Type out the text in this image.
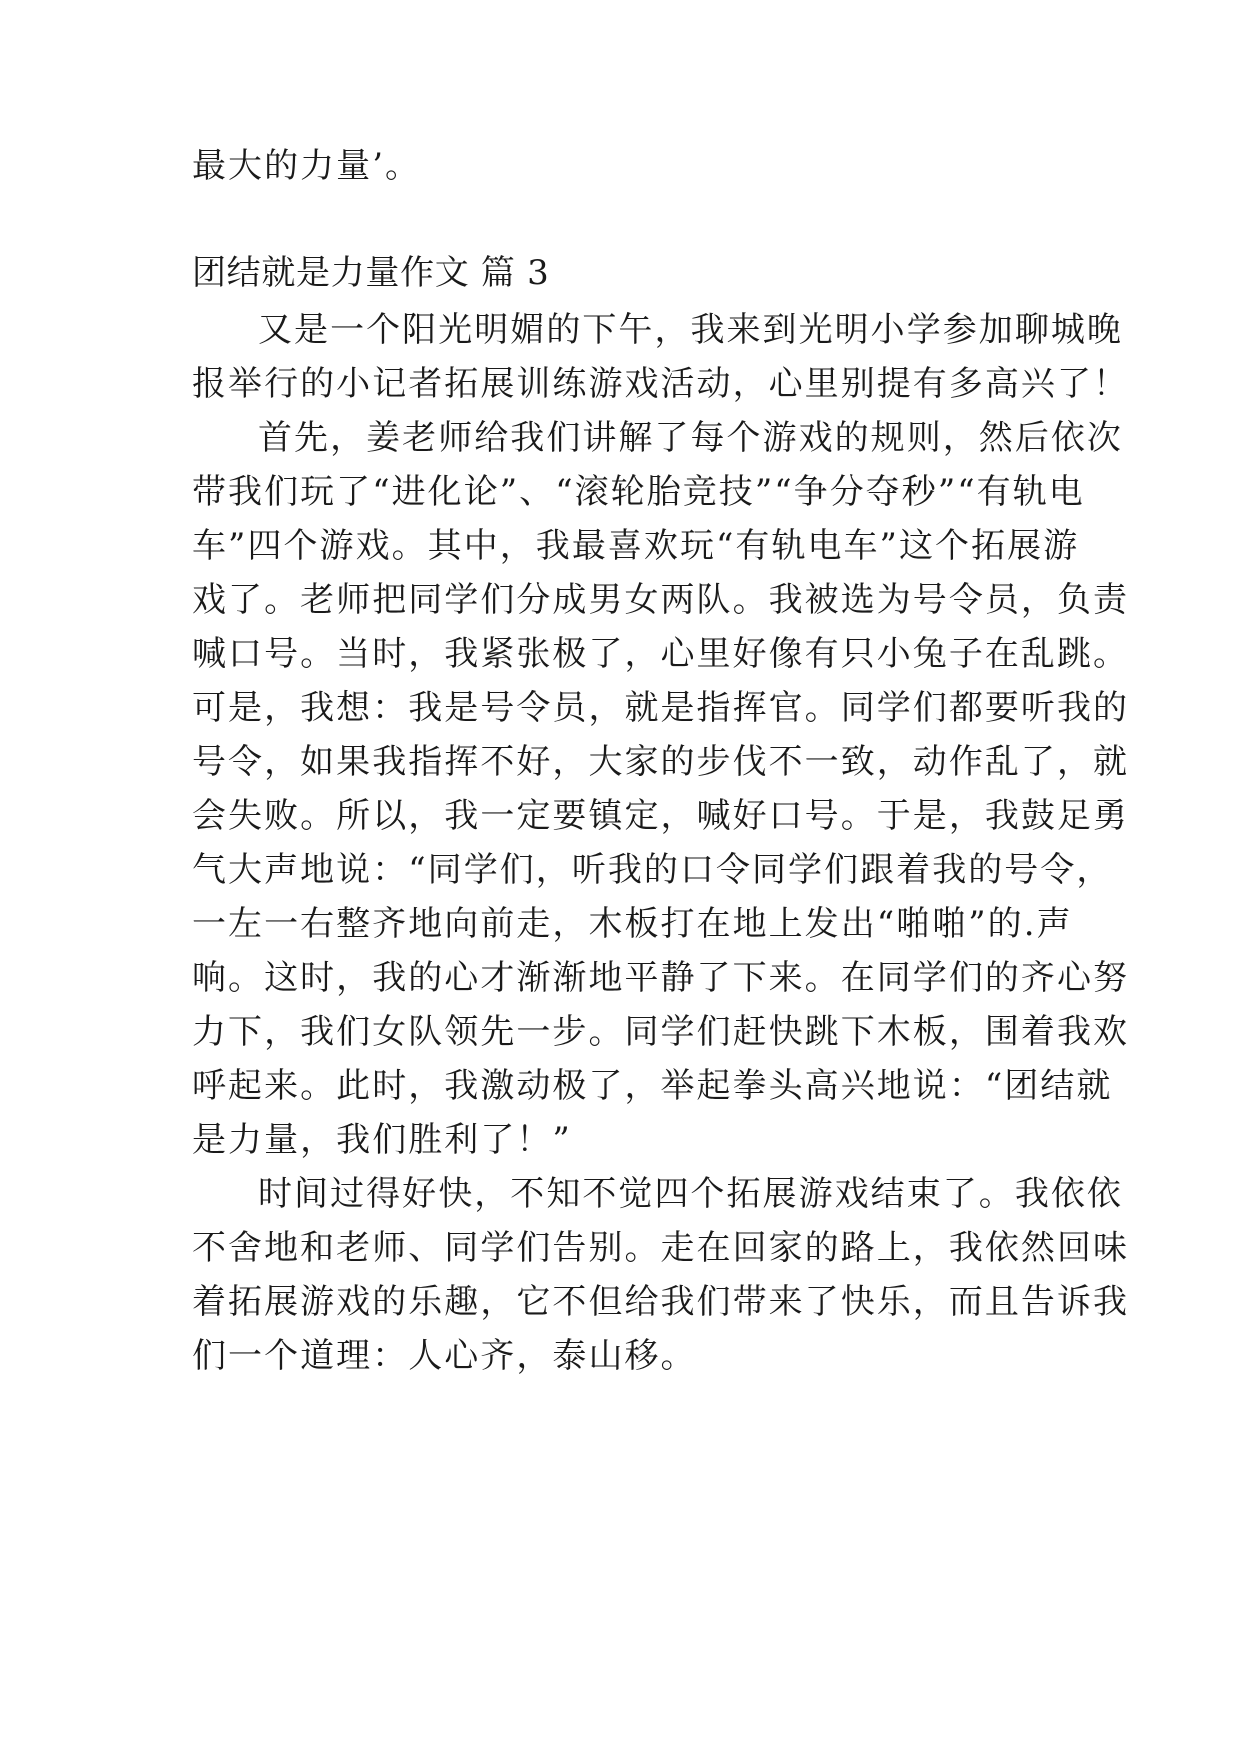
最大的力量’。
团结就是力量作文 篇 3
又是一个阳光明媚的下午，我来到光明小学参加聊城晚
报举行的小记者拓展训练游戏活动，心里别提有多高兴了！
首先，姜老师给我们讲解了每个游戏的规则，然后依次
带我们玩了“进化论”、“滚轮胎竞技”“争分夺秒”“有轨电
车”四个游戏。其中，我最喜欢玩“有轨电车”这个拓展游
戏了。老师把同学们分成男女两队。我被选为号令员，负责
喊口号。当时，我紧张极了，心里好像有只小兔子在乱跳。
可是，我想：我是号令员，就是指挥官。同学们都要听我的
号令，如果我指挥不好，大家的步伐不一致，动作乱了，就
会失败。所以，我一定要镇定，喊好口号。于是，我鼓足勇
气大声地说：“同学们，听我的口令同学们跟着我的号令，
一左一右整齐地向前走，木板打在地上发出“啪啪”的.声
响。这时，我的心才渐渐地平静了下来。在同学们的齐心努
力下，我们女队领先一步。同学们赶快跳下木板，围着我欢
呼起来。此时，我激动极了，举起拳头高兴地说：“团结就
是力量，我们胜利了！”
时间过得好快，不知不觉四个拓展游戏结束了。我依依
不舍地和老师、同学们告别。走在回家的路上，我依然回味
着拓展游戏的乐趣，它不但给我们带来了快乐，而且告诉我
们一个道理：人心齐，泰山移。
